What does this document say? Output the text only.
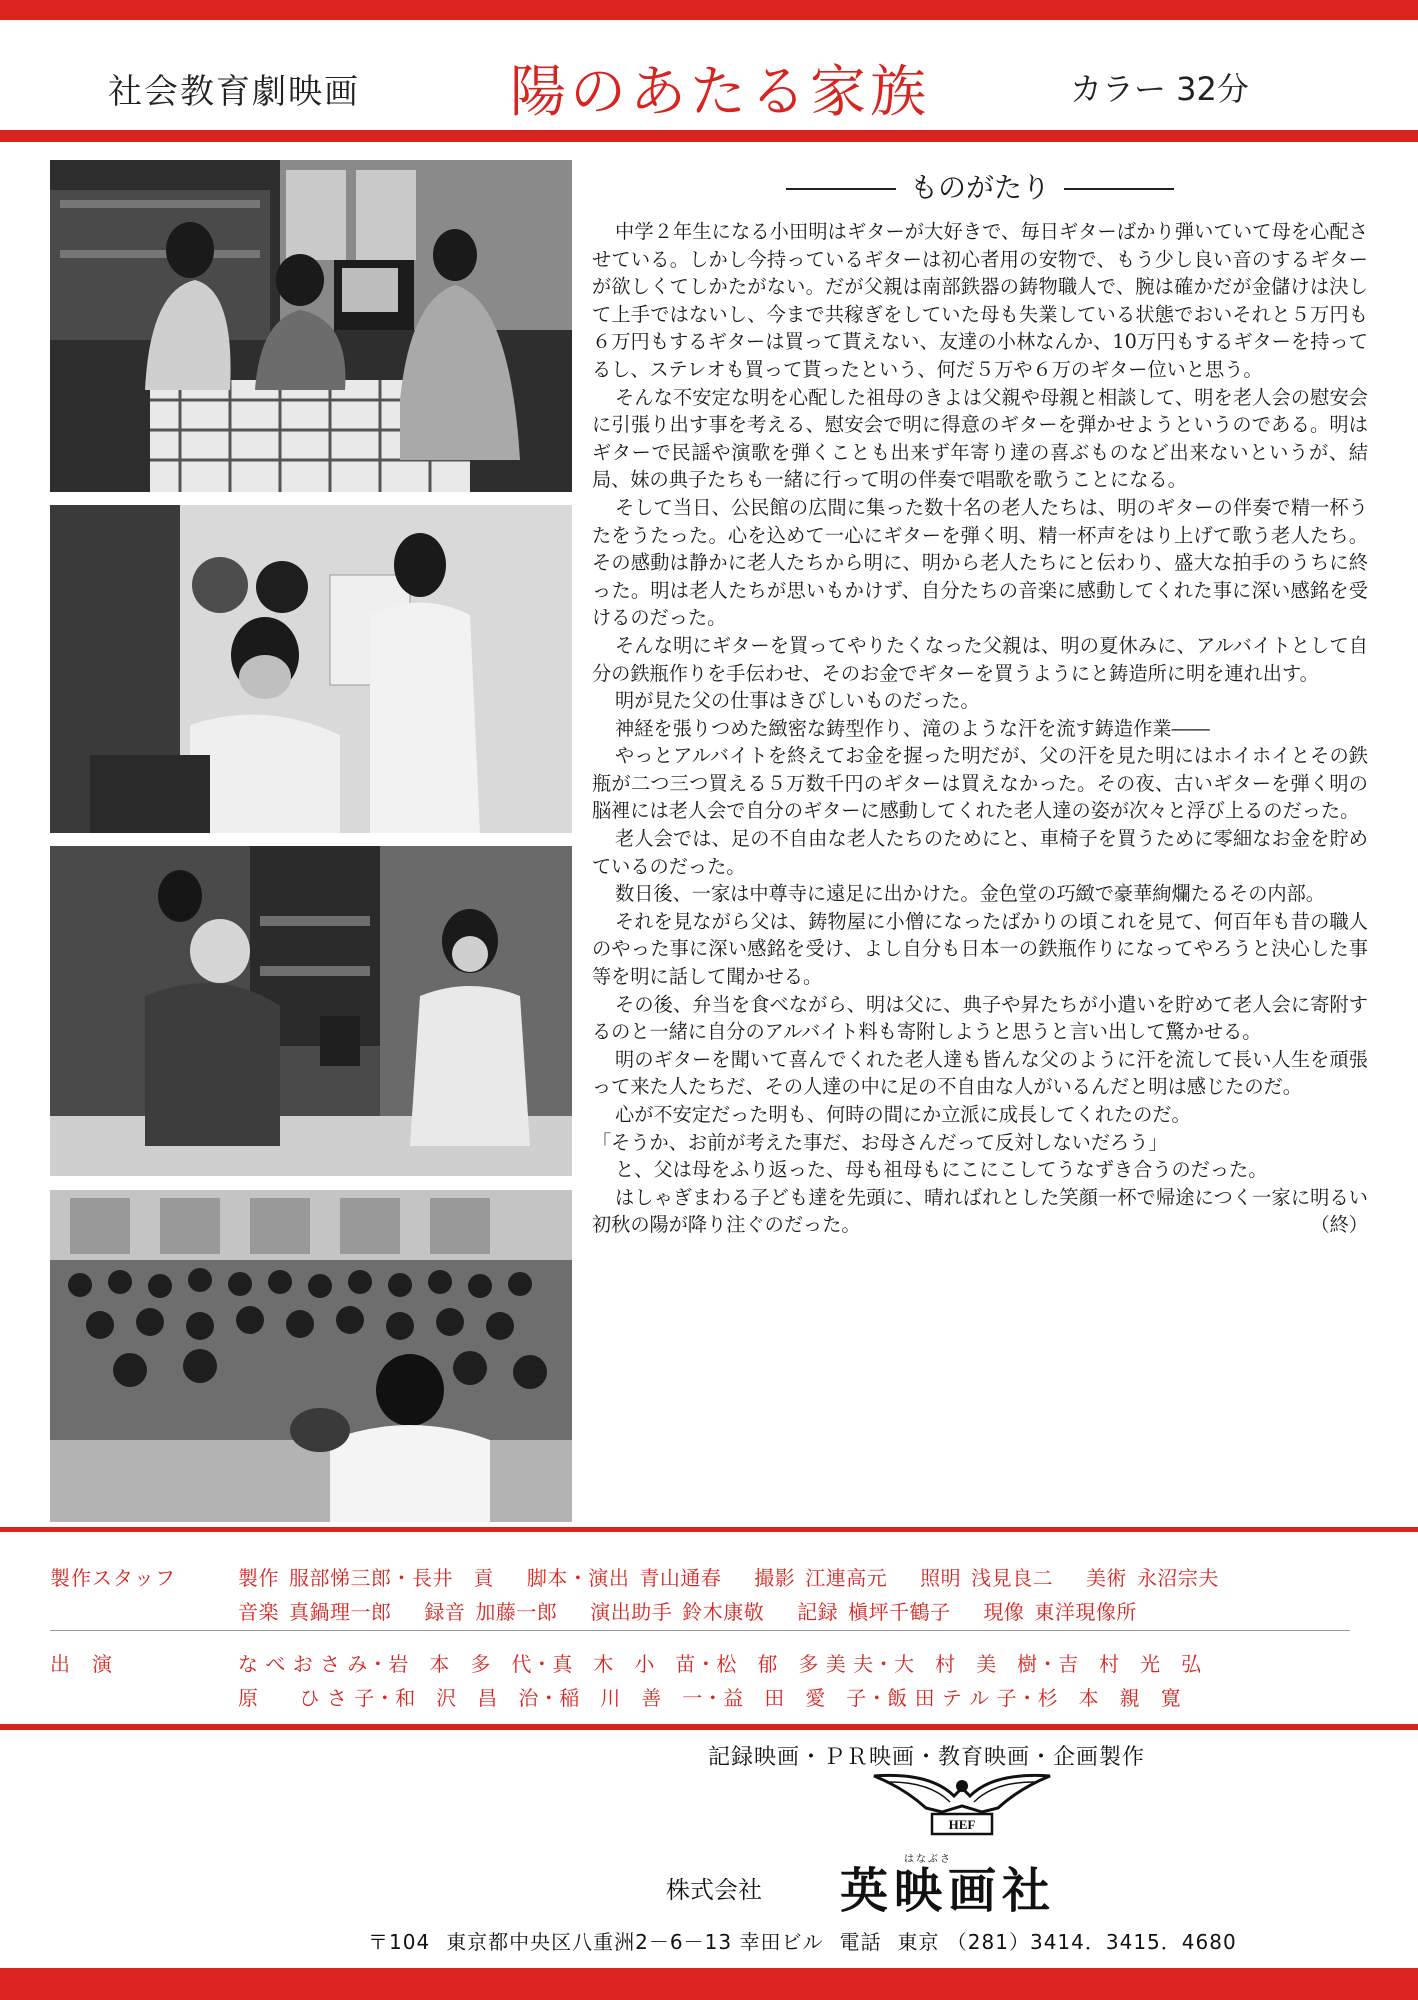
社会教育劇映画	陽のあたる家族	カラー 32分
ものがたり

中学２年生になる小田明はギターが大好きで、毎日ギターばかり弾いていて母を心配させている。しかし今持っているギターは初心者用の安物で、もう少し良い音のするギターが欲しくてしかたがない。だが父親は南部鉄器の鋳物職人で、腕は確かだが金儲けは決して上手ではないし、今まで共稼ぎをしていた母も失業している状態でおいそれと５万円も６万円もするギターは買って貰えない、友達の小林なんか、10万円もするギターを持ってるし、ステレオも買って貰ったという、何だ５万や６万のギター位いと思う。

そんな不安定な明を心配した祖母のきよは父親や母親と相談して、明を老人会の慰安会に引張り出す事を考える、慰安会で明に得意のギターを弾かせようというのである。明はギターで民謡や演歌を弾くことも出来ず年寄り達の喜ぶものなど出来ないというが、結局、妹の典子たちも一緒に行って明の伴奏で唱歌を歌うことになる。

そして当日、公民館の広間に集った数十名の老人たちは、明のギターの伴奏で精一杯うたをうたった。心を込めて一心にギターを弾く明、精一杯声をはり上げて歌う老人たち。その感動は静かに老人たちから明に、明から老人たちにと伝わり、盛大な拍手のうちに終った。明は老人たちが思いもかけず、自分たちの音楽に感動してくれた事に深い感銘を受けるのだった。

そんな明にギターを買ってやりたくなった父親は、明の夏休みに、アルバイトとして自分の鉄瓶作りを手伝わせ、そのお金でギターを買うようにと鋳造所に明を連れ出す。

明が見た父の仕事はきびしいものだった。

神経を張りつめた緻密な鋳型作り、滝のような汗を流す鋳造作業――

やっとアルバイトを終えてお金を握った明だが、父の汗を見た明にはホイホイとその鉄瓶が二つ三つ買える５万数千円のギターは買えなかった。その夜、古いギターを弾く明の脳裡には老人会で自分のギターに感動してくれた老人達の姿が次々と浮び上るのだった。

老人会では、足の不自由な老人たちのためにと、車椅子を買うために零細なお金を貯めているのだった。

数日後、一家は中尊寺に遠足に出かけた。金色堂の巧緻で豪華絢爛たるその内部。

それを見ながら父は、鋳物屋に小僧になったばかりの頃これを見て、何百年も昔の職人のやった事に深い感銘を受け、よし自分も日本一の鉄瓶作りになってやろうと決心した事等を明に話して聞かせる。

その後、弁当を食べながら、明は父に、典子や昇たちが小遣いを貯めて老人会に寄附するのと一緒に自分のアルバイト料も寄附しようと思うと言い出して驚かせる。

明のギターを聞いて喜んでくれた老人達も皆んな父のように汗を流して長い人生を頑張って来た人たちだ、その人達の中に足の不自由な人がいるんだと明は感じたのだ。

心が不安定だった明も、何時の間にか立派に成長してくれたのだ。

「そうか、お前が考えた事だ、お母さんだって反対しないだろう」

と、父は母をふり返った、母も祖母もにこにこしてうなずき合うのだった。

はしゃぎまわる子ども達を先頭に、晴ればれとした笑顔一杯で帰途につく一家に明るい初秋の陽が降り注ぐのだった。	（終）

製作スタッフ	製作 服部悌三郎・長井　貢 脚本・演出 青山通春 撮影 江連高元 照明 浅見良二 美術 永沼宗夫
音楽 真鍋理一郎 録音 加藤一郎 演出助手 鈴木康敬 記録 槇坪千鶴子 現像 東洋現像所
出　演	な べ お さ み・岩　本　多　代・真　木　小　苗・松　郁　多 美 夫・大　村　美　樹・吉　村　光　弘
原　　ひ さ 子・和　沢　昌　治・稲　川　善　一・益　田　愛　子・飯 田 テ ル 子・杉　本　親　寛
記録映画・ＰＲ映画・教育映画・企画製作
HEF
株式会社
はなぶさ
英映画社
〒104 東京都中央区八重洲2－6－13 幸田ビル 電話 東京 （281）3414．3415．4680
